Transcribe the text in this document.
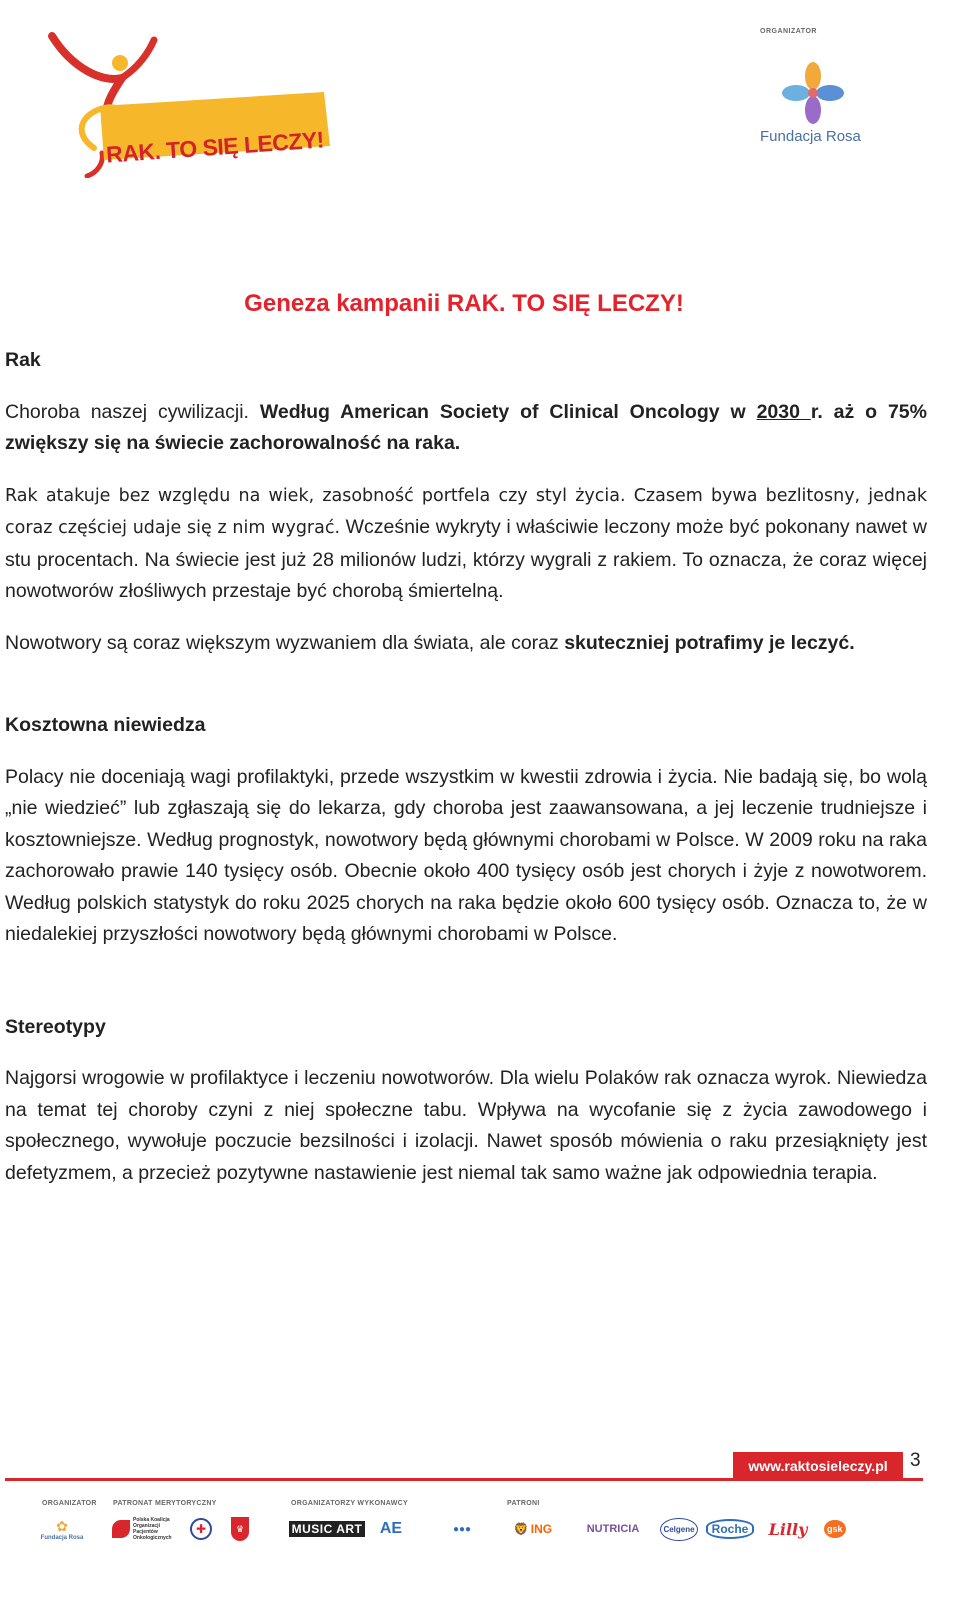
RAK. TO SIĘ LECZY!
ORGANIZATOR
Fundacja Rosa
Geneza kampanii RAK. TO SIĘ LECZY!
Rak

Choroba naszej cywilizacji. Według American Society of Clinical Oncology w 2030 r. aż o 75% zwiększy się na świecie zachorowalność na raka.

Rak atakuje bez względu na wiek, zasobność portfela czy styl życia. Czasem bywa bezlitosny, jednak coraz częściej udaje się z nim wygrać. Wcześnie wykryty i właściwie leczony może być pokonany nawet w stu procentach. Na świecie jest już 28 milionów ludzi, którzy wygrali z rakiem. To oznacza, że coraz więcej nowotworów złośliwych przestaje być chorobą śmiertelną.

Nowotwory są coraz większym wyzwaniem dla świata, ale coraz skuteczniej potrafimy je leczyć.

Kosztowna niewiedza

Polacy nie doceniają wagi profilaktyki, przede wszystkim w kwestii zdrowia i życia. Nie badają się, bo wolą „nie wiedzieć” lub zgłaszają się do lekarza, gdy choroba jest zaawansowana, a jej leczenie trudniejsze i kosztowniejsze. Według prognostyk, nowotwory będą głównymi chorobami w Polsce. W 2009 roku na raka zachorowało prawie 140 tysięcy osób. Obecnie około 400 tysięcy osób jest chorych i żyje z nowotworem. Według polskich statystyk do roku 2025 chorych na raka będzie około 600 tysięcy osób. Oznacza to, że w niedalekiej przyszłości nowotwory będą głównymi chorobami w Polsce.

Stereotypy

Najgorsi wrogowie w profilaktyce i leczeniu nowotworów. Dla wielu Polaków rak oznacza wyrok. Niewiedza na temat tej choroby czyni z niej społeczne tabu. Wpływa na wycofanie się z życia zawodowego i społecznego, wywołuje poczucie bezsilności i izolacji. Nawet sposób mówienia o raku przesiąknięty jest defetyzmem, a przecież pozytywne nastawienie jest niemal tak samo ważne jak odpowiednia terapia.

www.raktosieleczy.pl	3
ORGANIZATOR PATRONAT MERYTORYCZNY	ORGANIZATORZY WYKONAWCY	PATRONI
✿
Fundacja Rosa
Polska Koalicja Organizacji Pacjentów Onkologicznych
✚	♛	MUSIC ART AE	●●●	🦁 ING	NUTRICIA	Celgene	Roche	Lilly	gsk
